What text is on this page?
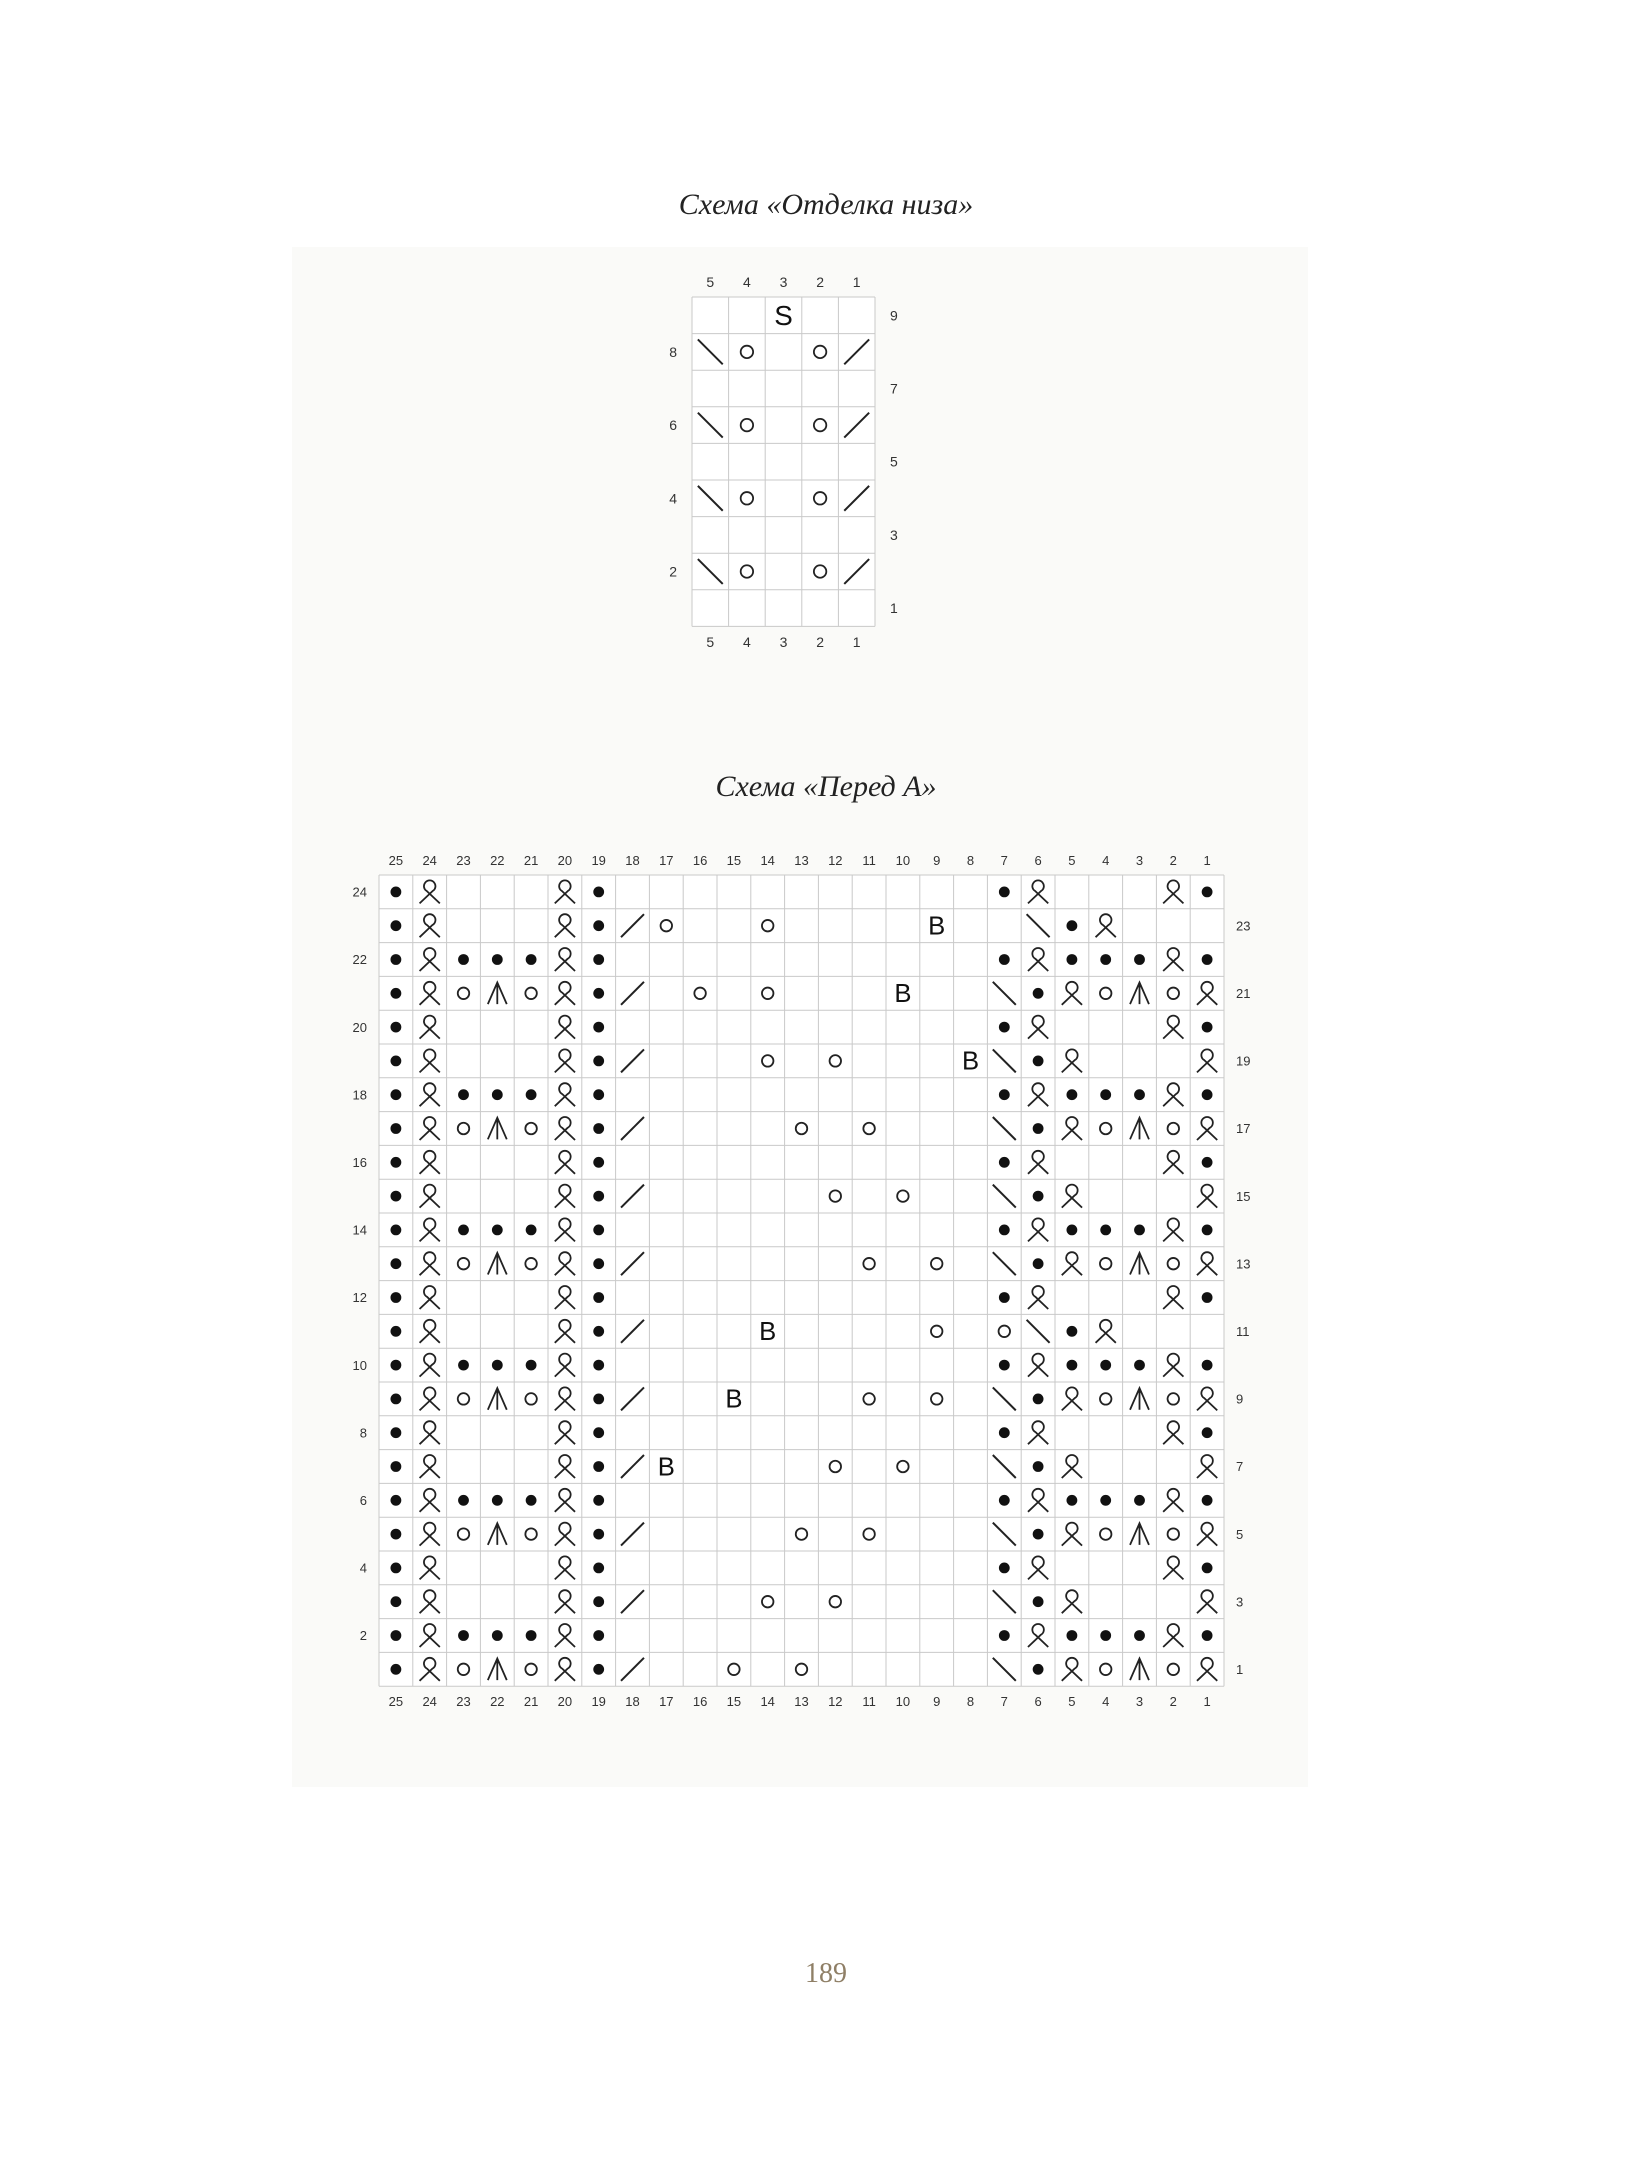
Схема «Отделка низа»
5
5
4
4
3
3
2
2
1
1
2
4
6
8
1
3
5
7
9
S
Схема «Перед А»
25
25
24
24
23
23
22
22
21
21
20
20
19
19
18
18
17
17
16
16
15
15
14
14
13
13
12
12
11
11
10
10
9
9
8
8
7
7
6
6
5
5
4
4
3
3
2
2
1
1
2
4
6
8
10
12
14
16
18
20
22
24
1
3
5
7
9
11
13
15
17
19
21
23
B
B
B
B
B
B
189
